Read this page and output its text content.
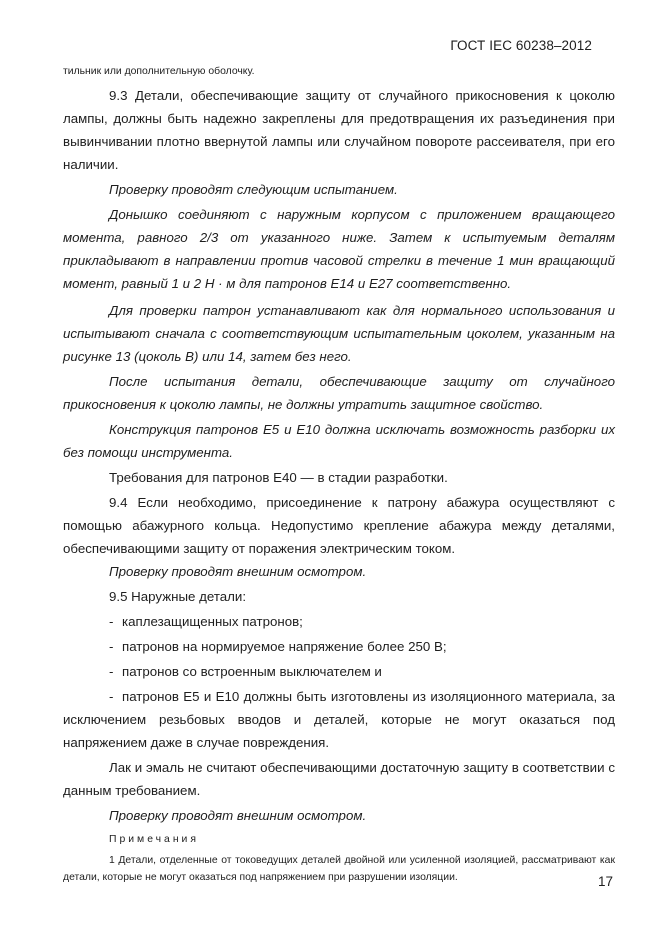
ГОСТ IEC 60238–2012

тильник или дополнительную оболочку.

9.3 Детали, обеспечивающие защиту от случайного прикосновения к цоколю лампы, должны быть надежно закреплены для предотвращения их разъединения при вывинчивании плотно ввернутой лампы или случайном повороте рассеивателя, при его наличии.

Проверку проводят следующим испытанием.

Донышко соединяют с наружным корпусом с приложением вращающего момента, равного 2/3 от указанного ниже. Затем к испытуемым деталям прикладывают в направлении против часовой стрелки в течение 1 мин вращающий момент, равный 1 и 2 Н · м для патронов Е14 и Е27 соответственно.

Для проверки патрон устанавливают как для нормального использования и испытывают сначала с соответствующим испытательным цоколем, указанным на рисунке 13 (цоколь В) или 14, затем без него.

После испытания детали, обеспечивающие защиту от случайного прикосновения к цоколю лампы, не должны утратить защитное свойство.

Конструкция патронов Е5 и Е10 должна исключать возможность разборки их без помощи инструмента.

Требования для патронов Е40 — в стадии разработки.

9.4 Если необходимо, присоединение к патрону абажура осуществляют с помощью абажурного кольца. Недопустимо крепление абажура между деталями, обеспечивающими защиту от поражения электрическим током.

Проверку проводят внешним осмотром.

9.5 Наружные детали:

- каплезащищенных патронов;
- патронов на нормируемое напряжение более 250 В;
- патронов со встроенным выключателем и
- патронов Е5 и Е10 должны быть изготовлены из изоляционного материала, за исключением резьбовых вводов и деталей, которые не могут оказаться под напряжением даже в случае повреждения.

Лак и эмаль не считают обеспечивающими достаточную защиту в соответствии с данным требованием.

Проверку проводят внешним осмотром.

Примечания

1 Детали, отделенные от токоведущих деталей двойной или усиленной изоляцией, рассматривают как детали, которые не могут оказаться под напряжением при разрушении изоляции.	17
